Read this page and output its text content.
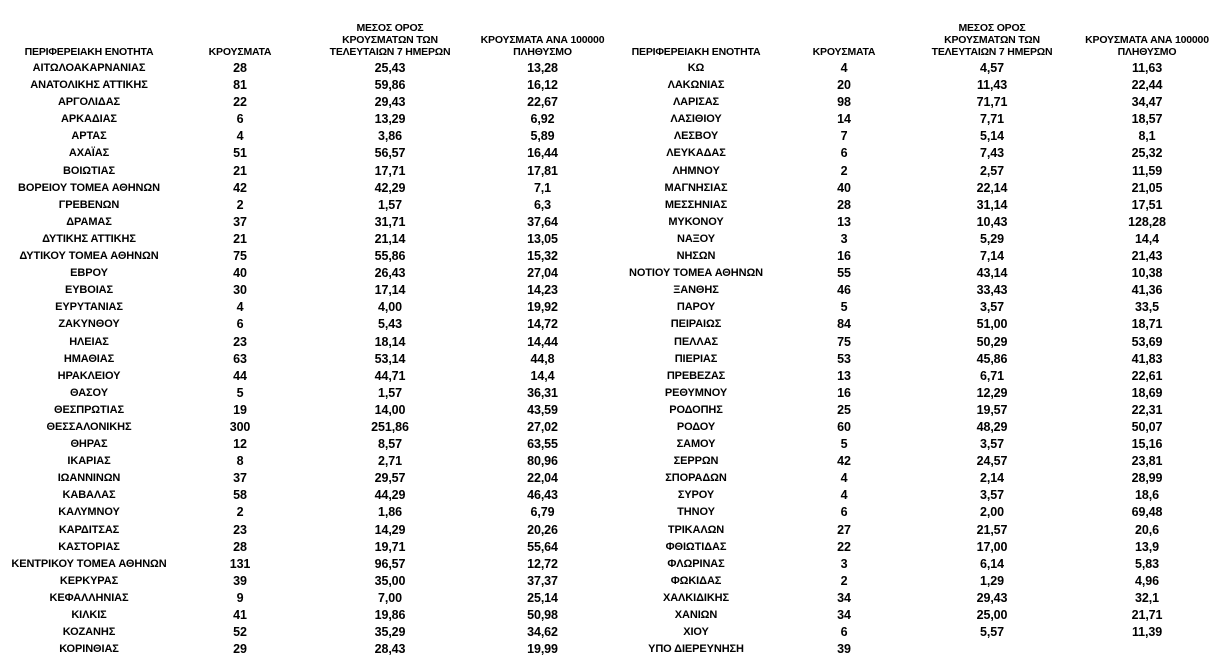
ΠΕΡΙΦΕΡΕΙΑΚΗ ΕΝΟΤΗΤΑ	ΚΡΟΥΣΜΑΤΑ
ΜΕΣΟΣ ΟΡΟΣ
ΚΡΟΥΣΜΑΤΩΝ ΤΩΝ
ΤΕΛΕΥΤΑΙΩΝ 7 ΗΜΕΡΩΝ
ΚΡΟΥΣΜΑΤΑ ΑΝΑ 100000
ΠΛΗΘΥΣΜΟ
ΑΙΤΩΛΟΑΚΑΡΝΑΝΙΑΣ	28	25,43	13,28
ΑΝΑΤΟΛΙΚΗΣ ΑΤΤΙΚΗΣ	81	59,86	16,12
ΑΡΓΟΛΙΔΑΣ	22	29,43	22,67
ΑΡΚΑΔΙΑΣ	6	13,29	6,92
ΑΡΤΑΣ	4	3,86	5,89
ΑΧΑΪΑΣ	51	56,57	16,44
ΒΟΙΩΤΙΑΣ	21	17,71	17,81
ΒΟΡΕΙΟΥ ΤΟΜΕΑ ΑΘΗΝΩΝ	42	42,29	7,1
ΓΡΕΒΕΝΩΝ	2	1,57	6,3
ΔΡΑΜΑΣ	37	31,71	37,64
ΔΥΤΙΚΗΣ ΑΤΤΙΚΗΣ	21	21,14	13,05
ΔΥΤΙΚΟΥ ΤΟΜΕΑ ΑΘΗΝΩΝ	75	55,86	15,32
ΕΒΡΟΥ	40	26,43	27,04
ΕΥΒΟΙΑΣ	30	17,14	14,23
ΕΥΡΥΤΑΝΙΑΣ	4	4,00	19,92
ΖΑΚΥΝΘΟΥ	6	5,43	14,72
ΗΛΕΙΑΣ	23	18,14	14,44
ΗΜΑΘΙΑΣ	63	53,14	44,8
ΗΡΑΚΛΕΙΟΥ	44	44,71	14,4
ΘΑΣΟΥ	5	1,57	36,31
ΘΕΣΠΡΩΤΙΑΣ	19	14,00	43,59
ΘΕΣΣΑΛΟΝΙΚΗΣ	300	251,86	27,02
ΘΗΡΑΣ	12	8,57	63,55
ΙΚΑΡΙΑΣ	8	2,71	80,96
ΙΩΑΝΝΙΝΩΝ	37	29,57	22,04
ΚΑΒΑΛΑΣ	58	44,29	46,43
ΚΑΛΥΜΝΟΥ	2	1,86	6,79
ΚΑΡΔΙΤΣΑΣ	23	14,29	20,26
ΚΑΣΤΟΡΙΑΣ	28	19,71	55,64
ΚΕΝΤΡΙΚΟΥ ΤΟΜΕΑ ΑΘΗΝΩΝ	131	96,57	12,72
ΚΕΡΚΥΡΑΣ	39	35,00	37,37
ΚΕΦΑΛΛΗΝΙΑΣ	9	7,00	25,14
ΚΙΛΚΙΣ	41	19,86	50,98
ΚΟΖΑΝΗΣ	52	35,29	34,62
ΚΟΡΙΝΘΙΑΣ	29	28,43	19,99
ΠΕΡΙΦΕΡΕΙΑΚΗ ΕΝΟΤΗΤΑ	ΚΡΟΥΣΜΑΤΑ
ΜΕΣΟΣ ΟΡΟΣ
ΚΡΟΥΣΜΑΤΩΝ ΤΩΝ
ΤΕΛΕΥΤΑΙΩΝ 7 ΗΜΕΡΩΝ
ΚΡΟΥΣΜΑΤΑ ΑΝΑ 100000
ΠΛΗΘΥΣΜΟ
ΚΩ	4	4,57	11,63
ΛΑΚΩΝΙΑΣ	20	11,43	22,44
ΛΑΡΙΣΑΣ	98	71,71	34,47
ΛΑΣΙΘΙΟΥ	14	7,71	18,57
ΛΕΣΒΟΥ	7	5,14	8,1
ΛΕΥΚΑΔΑΣ	6	7,43	25,32
ΛΗΜΝΟΥ	2	2,57	11,59
ΜΑΓΝΗΣΙΑΣ	40	22,14	21,05
ΜΕΣΣΗΝΙΑΣ	28	31,14	17,51
ΜΥΚΟΝΟΥ	13	10,43	128,28
ΝΑΞΟΥ	3	5,29	14,4
ΝΗΣΩΝ	16	7,14	21,43
ΝΟΤΙΟΥ ΤΟΜΕΑ ΑΘΗΝΩΝ	55	43,14	10,38
ΞΑΝΘΗΣ	46	33,43	41,36
ΠΑΡΟΥ	5	3,57	33,5
ΠΕΙΡΑΙΩΣ	84	51,00	18,71
ΠΕΛΛΑΣ	75	50,29	53,69
ΠΙΕΡΙΑΣ	53	45,86	41,83
ΠΡΕΒΕΖΑΣ	13	6,71	22,61
ΡΕΘΥΜΝΟΥ	16	12,29	18,69
ΡΟΔΟΠΗΣ	25	19,57	22,31
ΡΟΔΟΥ	60	48,29	50,07
ΣΑΜΟΥ	5	3,57	15,16
ΣΕΡΡΩΝ	42	24,57	23,81
ΣΠΟΡΑΔΩΝ	4	2,14	28,99
ΣΥΡΟΥ	4	3,57	18,6
ΤΗΝΟΥ	6	2,00	69,48
ΤΡΙΚΑΛΩΝ	27	21,57	20,6
ΦΘΙΩΤΙΔΑΣ	22	17,00	13,9
ΦΛΩΡΙΝΑΣ	3	6,14	5,83
ΦΩΚΙΔΑΣ	2	1,29	4,96
ΧΑΛΚΙΔΙΚΗΣ	34	29,43	32,1
ΧΑΝΙΩΝ	34	25,00	21,71
ΧΙΟΥ	6	5,57	11,39
ΥΠΟ ΔΙΕΡΕΥΝΗΣΗ	39
